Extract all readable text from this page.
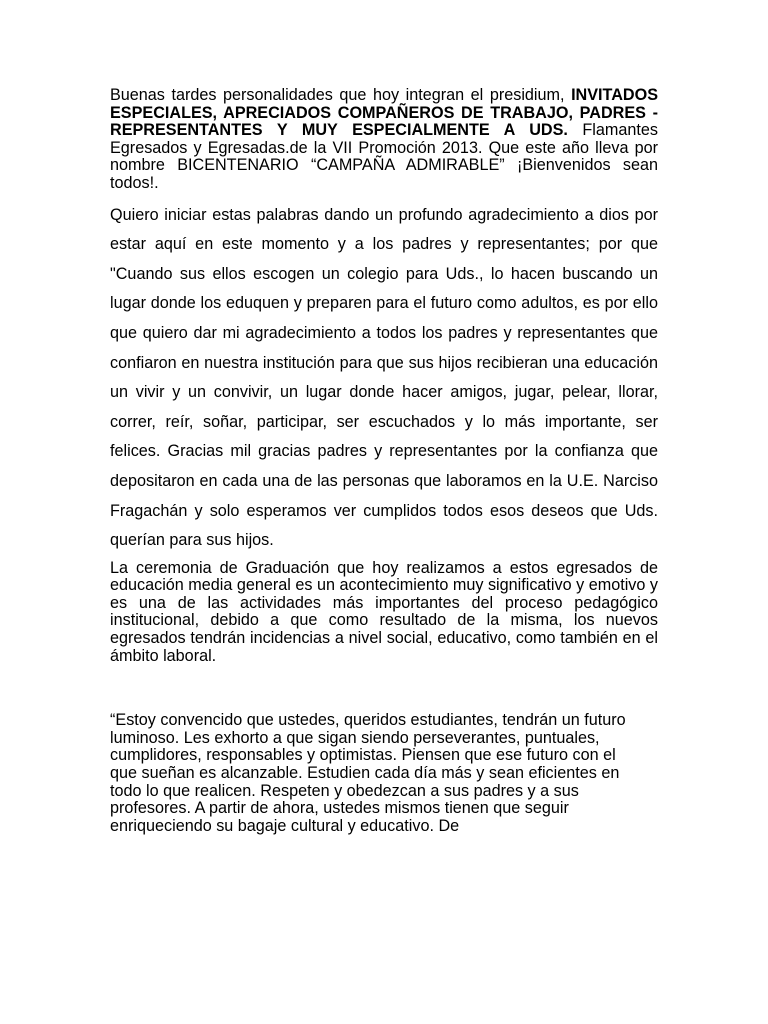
Buenas tardes personalidades que hoy integran el presidium, INVITADOS ESPECIALES, APRECIADOS COMPAÑEROS DE TRABAJO, PADRES - REPRESENTANTES Y MUY ESPECIALMENTE A UDS. Flamantes Egresados y Egresadas.de la VII Promoción 2013. Que este año lleva por nombre BICENTENARIO “CAMPAÑA ADMIRABLE” ¡Bienvenidos sean todos!.

Quiero iniciar estas palabras dando un profundo agradecimiento a dios por estar aquí en este momento y a los padres y representantes; por que "Cuando sus ellos escogen un colegio para Uds., lo hacen buscando un lugar donde los eduquen y preparen para el futuro como adultos, es por ello que quiero dar mi agradecimiento a todos los padres y representantes que confiaron en nuestra institución para que sus hijos recibieran una educación un vivir y un convivir, un lugar donde hacer amigos, jugar, pelear, llorar, correr, reír, soñar, participar, ser escuchados y lo más importante, ser felices. Gracias mil gracias padres y representantes por la confianza que depositaron en cada una de las personas que laboramos en la U.E. Narciso Fragachán y solo esperamos ver cumplidos todos esos deseos que Uds. querían para sus hijos.

La ceremonia de Graduación que hoy realizamos a estos egresados de educación media general es un acontecimiento muy significativo y emotivo y es una de las actividades más importantes del proceso pedagógico institucional, debido a que como resultado de la misma, los nuevos egresados tendrán incidencias a nivel social, educativo, como también en el ámbito laboral.

“Estoy convencido que ustedes, queridos estudiantes, tendrán un futuro luminoso. Les exhorto a que sigan siendo perseverantes, puntuales, cumplidores, responsables y optimistas. Piensen que ese futuro con el que sueñan es alcanzable. Estudien cada día más y sean eficientes en todo lo que realicen. Respeten y obedezcan a sus padres y a sus profesores. A partir de ahora, ustedes mismos tienen que seguir enriqueciendo su bagaje cultural y educativo. De
